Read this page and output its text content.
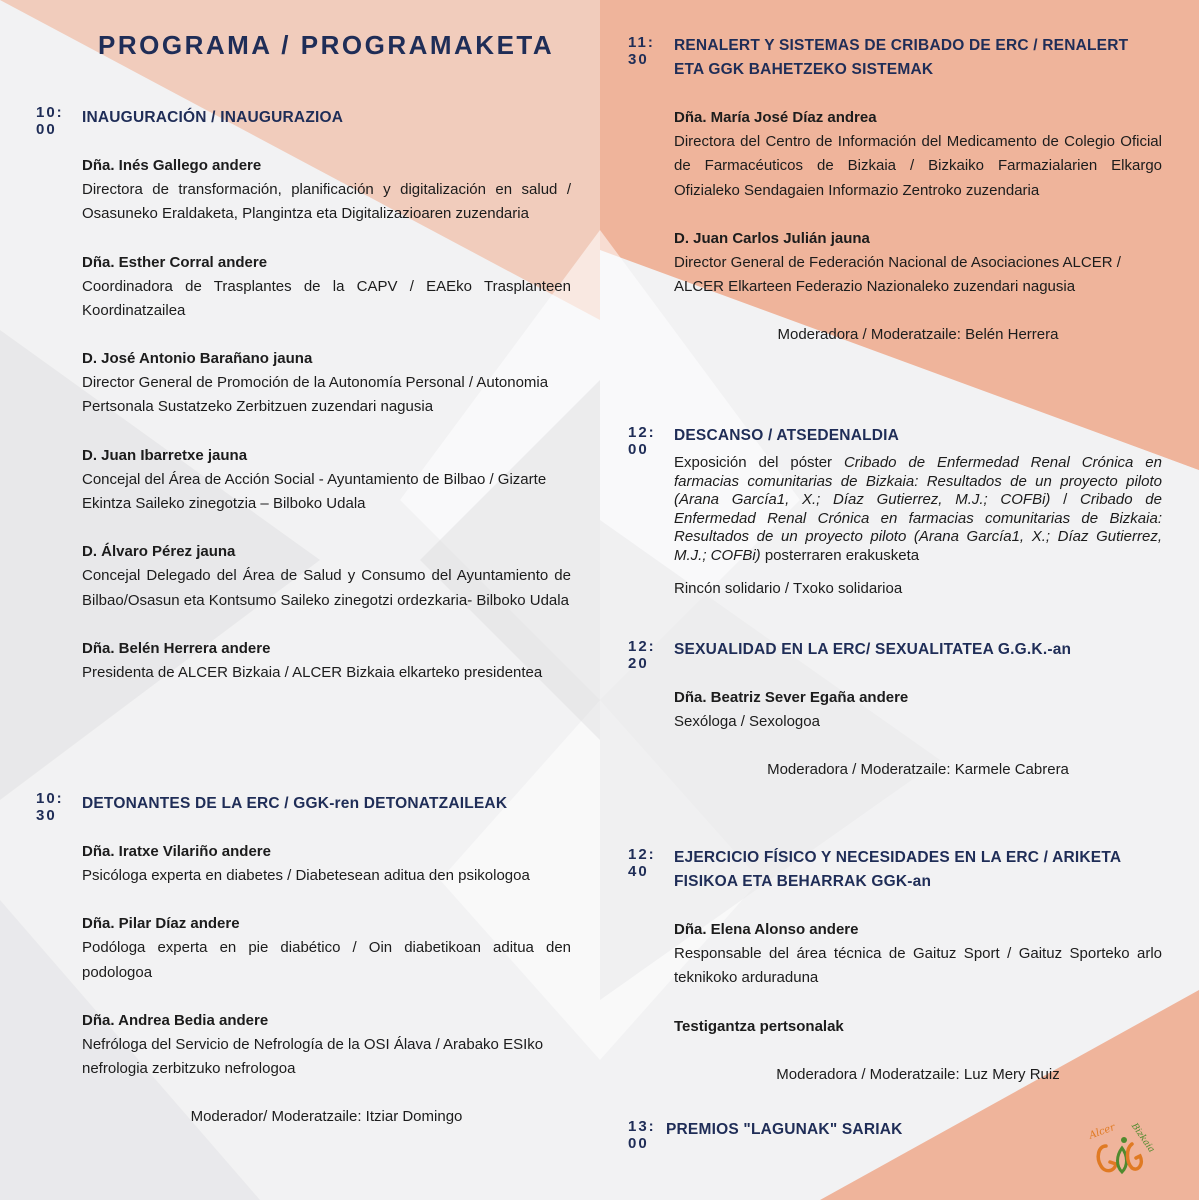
PROGRAMA / PROGRAMAKETA
10:
00
INAUGURACIÓN / INAUGURAZIOA
Dña. Inés Gallego andere
Directora de transformación, planificación y digitalización en salud / Osasuneko Eraldaketa, Plangintza eta Digitalizazioaren zuzendaria
Dña. Esther Corral andere
Coordinadora de Trasplantes de la CAPV / EAEko Trasplanteen Koordinatzailea
D. José Antonio Barañano jauna
Director General de Promoción de la Autonomía Personal / Autonomia Pertsonala Sustatzeko Zerbitzuen zuzendari nagusia
D. Juan Ibarretxe jauna
Concejal del Área de Acción Social - Ayuntamiento de Bilbao / Gizarte Ekintza Saileko zinegotzia – Bilboko Udala
D. Álvaro Pérez jauna
Concejal Delegado del Área de Salud y Consumo del Ayuntamiento de Bilbao/Osasun eta Kontsumo Saileko zinegotzi ordezkaria- Bilboko Udala
Dña. Belén Herrera andere
Presidenta de ALCER Bizkaia / ALCER Bizkaia elkarteko presidentea
10:
30
DETONANTES DE LA ERC / GGK-ren DETONATZAILEAK
Dña. Iratxe Vilariño andere
Psicóloga experta en diabetes / Diabetesean aditua den psikologoa
Dña. Pilar Díaz andere
Podóloga experta en pie diabético / Oin diabetikoan aditua den podologoa
Dña. Andrea Bedia andere
Nefróloga del Servicio de Nefrología de la OSI Álava / Arabako ESIko nefrologia zerbitzuko nefrologoa
Moderador/ Moderatzaile: Itziar Domingo
11:
30
RENALERT Y SISTEMAS DE CRIBADO DE ERC / RENALERT ETA GGK BAHETZEKO SISTEMAK
Dña. María José Díaz andrea
Directora del Centro de Información del Medicamento de Colegio Oficial de Farmacéuticos de Bizkaia / Bizkaiko Farmazialarien Elkargo Ofizialeko Sendagaien Informazio Zentroko zuzendaria
D. Juan Carlos Julián jauna
Director General de Federación Nacional de Asociaciones ALCER / ALCER Elkarteen Federazio Nazionaleko zuzendari nagusia
Moderadora / Moderatzaile: Belén Herrera
12:
00
DESCANSO / ATSEDENALDIA
Exposición del póster Cribado de Enfermedad Renal Crónica en farmacias comunitarias de Bizkaia: Resultados de un proyecto piloto (Arana García1, X.; Díaz Gutierrez, M.J.; COFBi) / Cribado de Enfermedad Renal Crónica en farmacias comunitarias de Bizkaia: Resultados de un proyecto piloto (Arana García1, X.; Díaz Gutierrez, M.J.; COFBi) posterraren erakusketa
Rincón solidario / Txoko solidarioa
12:
20
SEXUALIDAD EN LA ERC/ SEXUALITATEA G.G.K.-an
Dña. Beatriz Sever Egaña andere
Sexóloga / Sexologoa
Moderadora / Moderatzaile: Karmele Cabrera
12:
40
EJERCICIO FÍSICO Y NECESIDADES EN LA ERC / ARIKETA FISIKOA ETA BEHARRAK GGK-an
Dña. Elena Alonso andere
Responsable del área técnica de Gaituz Sport / Gaituz Sporteko arlo teknikoko arduraduna
Testigantza pertsonalak
Moderadora / Moderatzaile: Luz Mery Ruiz
13:
00
PREMIOS "LAGUNAK" SARIAK	Alcer Bizkaia
